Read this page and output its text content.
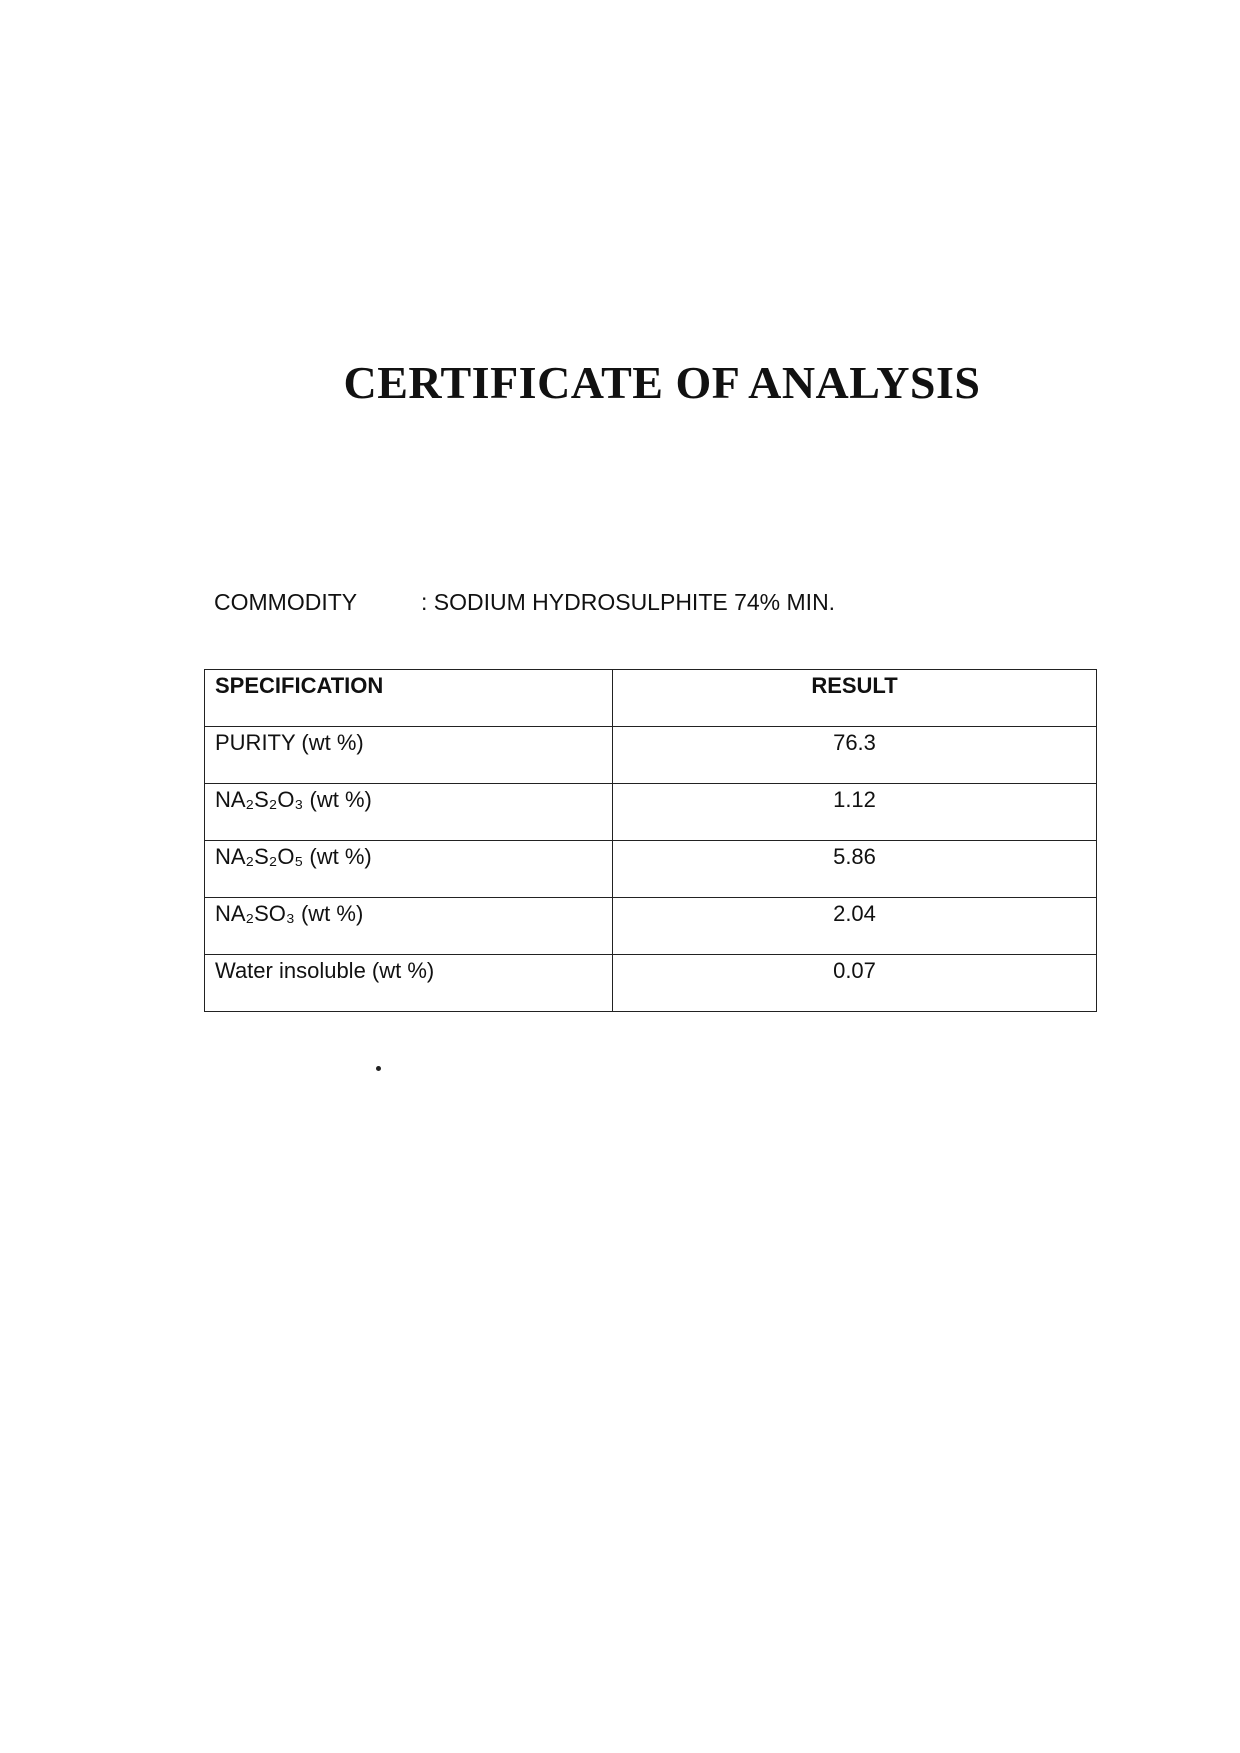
CERTIFICATE OF ANALYSIS
COMMODITY	: SODIUM HYDROSULPHITE 74% MIN.
SPECIFICATION	RESULT
PURITY (wt %)	76.3
NA₂S₂O₃ (wt %)	1.12
NA₂S₂O₅ (wt %)	5.86
NA₂SO₃ (wt %)	2.04
Water insoluble (wt %)	0.07
